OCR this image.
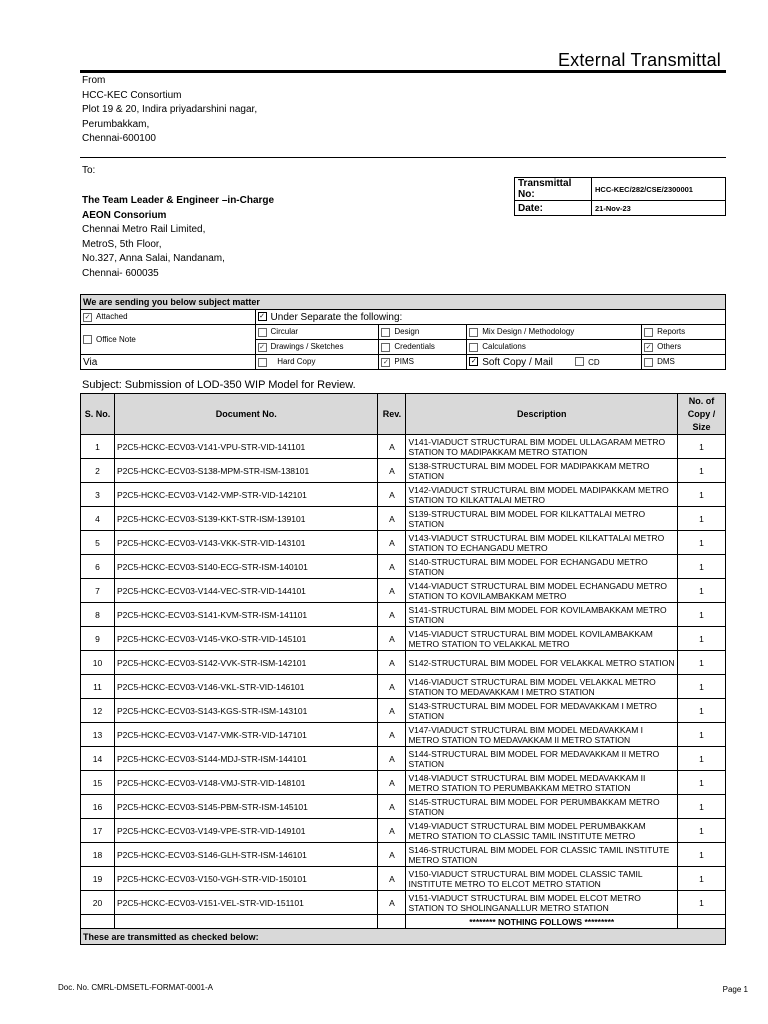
External Transmittal
From
HCC-KEC Consortium
Plot 19 & 20, Indira priyadarshini nagar,
Perumbakkam,
Chennai-600100
To:
The Team Leader & Engineer –in-Charge
AEON Consorium
Chennai Metro Rail Limited,
MetroS, 5th Floor,
No.327, Anna Salai, Nandanam,
Chennai- 600035
Transmittal No:	HCC-KEC/282/CSE/2300001
Date:	21-Nov-23
We are sending you below subject matter				
✓ Attached	✓ Under Separate the following:			
Office Note	Circular	Design	Mix Design / Methodology	Reports
	✓ Drawings / Sketches	Credentials	Calculations	✓ Others
Via	Hard Copy	✓ PIMS	✓ Soft Copy / Mail CD	DMS
Subject: Submission of LOD-350 WIP Model for Review.
S. No.	Document No.	Rev.	Description	No. of Copy / Size
1	P2C5-HCKC-ECV03-V141-VPU-STR-VID-141101	A	V141-VIADUCT STRUCTURAL BIM MODEL ULLAGARAM METRO STATION TO MADIPAKKAM METRO STATION	1
2	P2C5-HCKC-ECV03-S138-MPM-STR-ISM-138101	A	S138-STRUCTURAL BIM MODEL FOR MADIPAKKAM METRO STATION	1
3	P2C5-HCKC-ECV03-V142-VMP-STR-VID-142101	A	V142-VIADUCT STRUCTURAL BIM MODEL MADIPAKKAM METRO STATION TO KILKATTALAI METRO	1
4	P2C5-HCKC-ECV03-S139-KKT-STR-ISM-139101	A	S139-STRUCTURAL BIM MODEL FOR KILKATTALAI METRO STATION	1
5	P2C5-HCKC-ECV03-V143-VKK-STR-VID-143101	A	V143-VIADUCT STRUCTURAL BIM MODEL KILKATTALAI METRO STATION TO ECHANGADU METRO	1
6	P2C5-HCKC-ECV03-S140-ECG-STR-ISM-140101	A	S140-STRUCTURAL BIM MODEL FOR ECHANGADU METRO STATION	1
7	P2C5-HCKC-ECV03-V144-VEC-STR-VID-144101	A	V144-VIADUCT STRUCTURAL BIM MODEL ECHANGADU METRO STATION TO KOVILAMBAKKAM METRO	1
8	P2C5-HCKC-ECV03-S141-KVM-STR-ISM-141101	A	S141-STRUCTURAL BIM MODEL FOR KOVILAMBAKKAM METRO STATION	1
9	P2C5-HCKC-ECV03-V145-VKO-STR-VID-145101	A	V145-VIADUCT STRUCTURAL BIM MODEL KOVILAMBAKKAM METRO STATION TO VELAKKAL METRO	1
10	P2C5-HCKC-ECV03-S142-VVK-STR-ISM-142101	A	S142-STRUCTURAL BIM MODEL FOR VELAKKAL METRO STATION	1
11	P2C5-HCKC-ECV03-V146-VKL-STR-VID-146101	A	V146-VIADUCT STRUCTURAL BIM MODEL VELAKKAL METRO STATION TO MEDAVAKKAM I METRO STATION	1
12	P2C5-HCKC-ECV03-S143-KGS-STR-ISM-143101	A	S143-STRUCTURAL BIM MODEL FOR MEDAVAKKAM I METRO STATION	1
13	P2C5-HCKC-ECV03-V147-VMK-STR-VID-147101	A	V147-VIADUCT STRUCTURAL BIM MODEL MEDAVAKKAM I METRO STATION TO MEDAVAKKAM II METRO STATION	1
14	P2C5-HCKC-ECV03-S144-MDJ-STR-ISM-144101	A	S144-STRUCTURAL BIM MODEL FOR MEDAVAKKAM II METRO STATION	1
15	P2C5-HCKC-ECV03-V148-VMJ-STR-VID-148101	A	V148-VIADUCT STRUCTURAL BIM MODEL MEDAVAKKAM II METRO STATION TO PERUMBAKKAM METRO STATION	1
16	P2C5-HCKC-ECV03-S145-PBM-STR-ISM-145101	A	S145-STRUCTURAL BIM MODEL FOR PERUMBAKKAM METRO STATION	1
17	P2C5-HCKC-ECV03-V149-VPE-STR-VID-149101	A	V149-VIADUCT STRUCTURAL BIM MODEL PERUMBAKKAM METRO STATION TO CLASSIC TAMIL INSTITUTE METRO	1
18	P2C5-HCKC-ECV03-S146-GLH-STR-ISM-146101	A	S146-STRUCTURAL BIM MODEL FOR CLASSIC TAMIL INSTITUTE METRO STATION	1
19	P2C5-HCKC-ECV03-V150-VGH-STR-VID-150101	A	V150-VIADUCT STRUCTURAL BIM MODEL CLASSIC TAMIL INSTITUTE METRO TO ELCOT METRO STATION	1
20	P2C5-HCKC-ECV03-V151-VEL-STR-VID-151101	A	V151-VIADUCT STRUCTURAL BIM MODEL ELCOT METRO STATION TO SHOLINGANALLUR METRO STATION	1
			******** NOTHING FOLLOWS *********	
These are transmitted as checked below:				
Doc. No. CMRL-DMSETL-FORMAT-0001-A	Page 1
